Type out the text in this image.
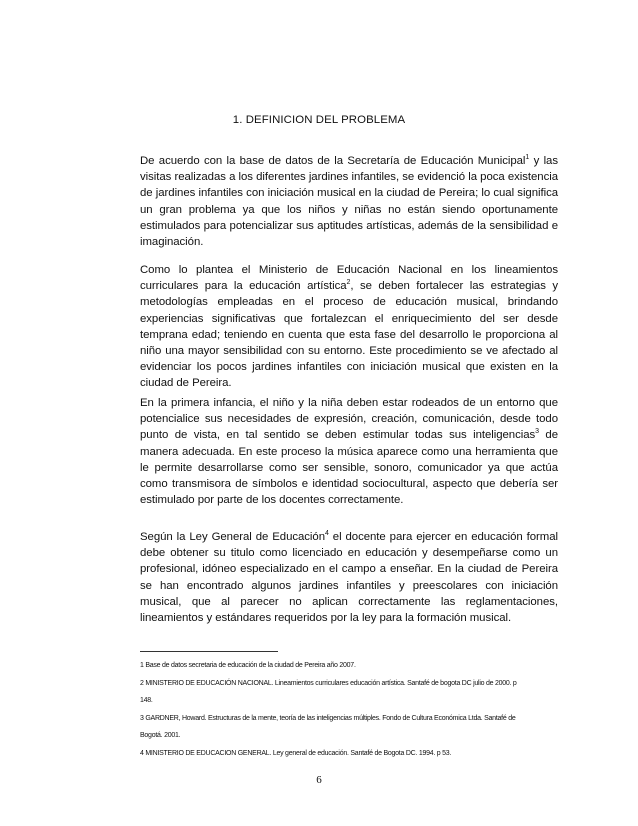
1. DEFINICION DEL PROBLEMA

De acuerdo con la base de datos de la Secretaría de Educación Municipal$^1$ y las visitas realizadas a los diferentes jardines infantiles, se evidenció la poca existencia de jardines infantiles con iniciación musical en la ciudad de Pereira; lo cual significa un gran problema ya que los niños y niñas no están siendo oportunamente estimulados para potencializar sus aptitudes artísticas, además de la sensibilidad e imaginación.

Como lo plantea el Ministerio de Educación Nacional en los lineamientos curriculares para la educación artística$^2$, se deben fortalecer las estrategias y metodologías empleadas en el proceso de educación musical, brindando experiencias significativas que fortalezcan el enriquecimiento del ser desde temprana edad; teniendo en cuenta que esta fase del desarrollo le proporciona al niño una mayor sensibilidad con su entorno. Este procedimiento se ve afectado al evidenciar los pocos jardines infantiles con iniciación musical que existen en la ciudad de Pereira.

En la primera infancia, el niño y la niña deben estar rodeados de un entorno que potencialice sus necesidades de expresión, creación, comunicación, desde todo punto de vista, en tal sentido se deben estimular todas sus inteligencias$^3$ de manera adecuada. En este proceso la música aparece como una herramienta que le permite desarrollarse como ser sensible, sonoro, comunicador ya que actúa como transmisora de símbolos e identidad sociocultural, aspecto que debería ser estimulado por parte de los docentes correctamente.

Según la Ley General de Educación$^4$ el docente para ejercer en educación formal debe obtener su titulo como licenciado en educación y desempeñarse como un profesional, idóneo especializado en el campo a enseñar. En la ciudad de Pereira se han encontrado algunos jardines infantiles y preescolares con iniciación musical, que al parecer no aplican correctamente las reglamentaciones, lineamientos y estándares requeridos por la ley para la formación musical.

1 Base de datos secretaria de educación de la ciudad de Pereira año 2007.
2 MINISTERIO DE EDUCACIÓN NACIONAL. Lineamientos curriculares educación artística. Santafé de bogota DC julio de 2000. p
148.
3 GARDNER, Howard. Estructuras de la mente, teoría de las inteligencias múltiples. Fondo de Cultura Económica Ltda. Santafé de
Bogotá. 2001.
4 MINISTERIO DE EDUCACION GENERAL. Ley general de educación. Santafé de Bogota DC. 1994. p 53.
6
